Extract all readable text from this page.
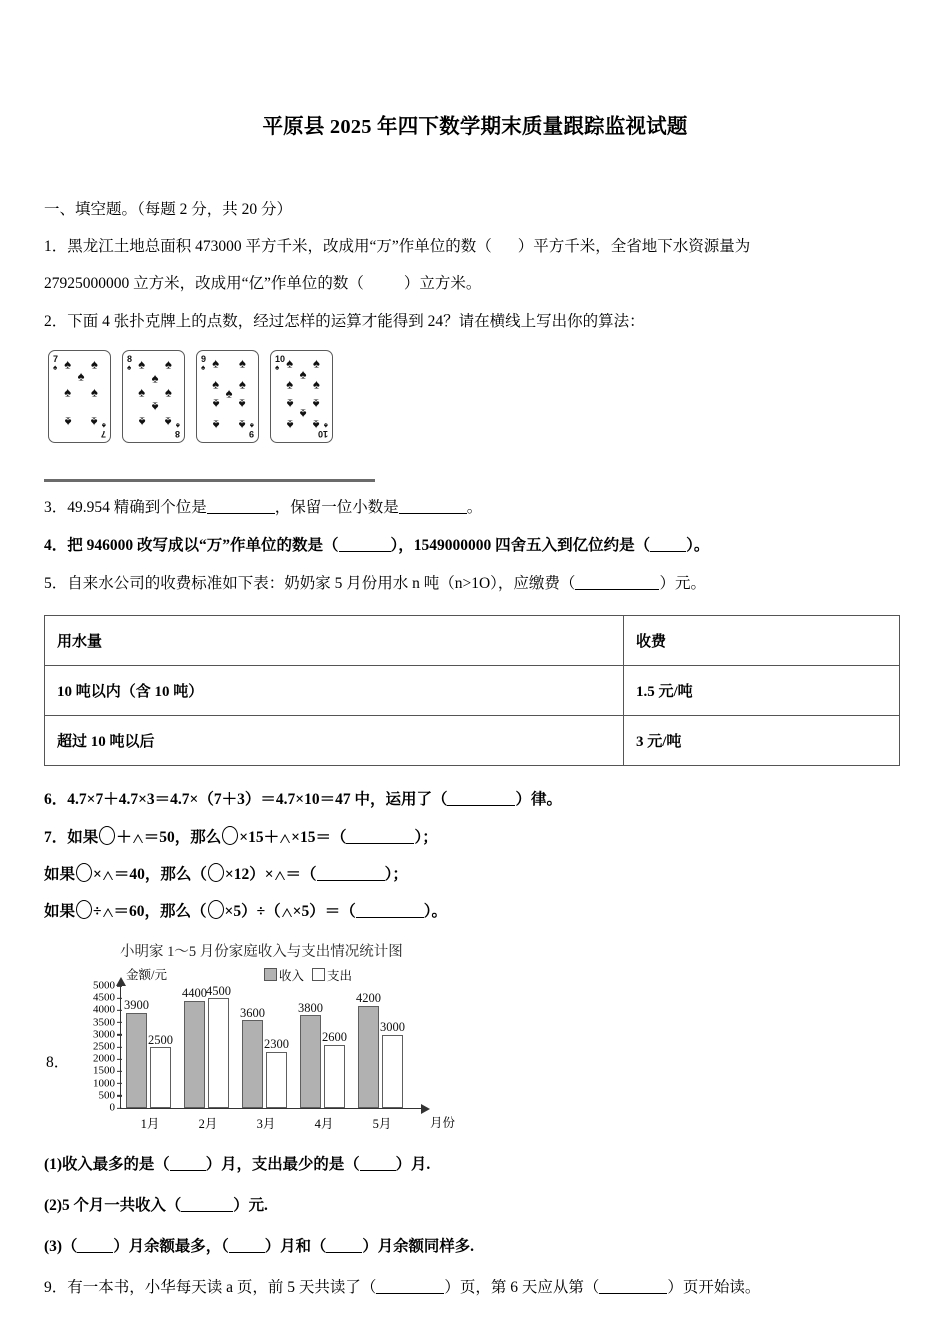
平原县 2025 年四下数学期末质量跟踪监视试题
一、填空题。（每题 2 分，共 20 分）
1．黑龙江土地总面积 473000 平方千米，改成用“万”作单位的数（ ）平方千米，全省地下水资源量为
27925000000 立方米，改成用“亿”作单位的数（	）立方米。
2．下面 4 张扑克牌上的点数，经过怎样的运算才能得到 24？请在横线上写出你的算法：
7
♠
7
♠
♠ ♠
♠
♠ ♠
♠ ♠
8
♠
8
♠
♠ ♠
♠
♠ ♠
♠
♠ ♠
9
♠
9
♠
♠ ♠
♠ ♠
♠
♠ ♠
♠ ♠
10
♠
10
♠
♠ ♠
♠
♠ ♠
♠ ♠
♠
♠ ♠
3．49.954 精确到个位是	，保留一位小数是	。
4．把 946000 改写成以“万”作单位的数是（	），1549000000 四舍五入到亿位约是（ ）。
5．自来水公司的收费标准如下表：奶奶家 5 月份用水 n 吨（n>1O），应缴费（	）元。
用水量	收费
10 吨以内（含 10 吨）	1.5 元/吨
超过 10 吨以后	3 元/吨
6．4.7×7＋4.7×3＝4.7×（7＋3）＝4.7×10＝47 中，运用了（	）律。
7．如果 ＋ ＝50，那么 ×15＋ ×15＝（	）；
如果 × ＝40，那么（ ×12）× ＝（	）；
如果 ÷ ＝60，那么（ ×5）÷（ ×5）＝（	）。
8．
小明家 1～5 月份家庭收入与支出情况统计图
金额/元	收入 支出
0
500
1000
1500
2000
2500
3000
3500
4000
4500
5000
3900
2500
1月
4400 4500
2月
3600
2300
3月
3800
2600
4月
4200
3000
5月	月份
(1)收入最多的是（ ）月，支出最少的是（ ）月.
(2)5 个月一共收入（	）元.
(3)（ ）月余额最多，（ ）月和（ ）月余额同样多.
9．有一本书，小华每天读 a 页，前 5 天共读了（	）页，第 6 天应从第（	）页开始读。
